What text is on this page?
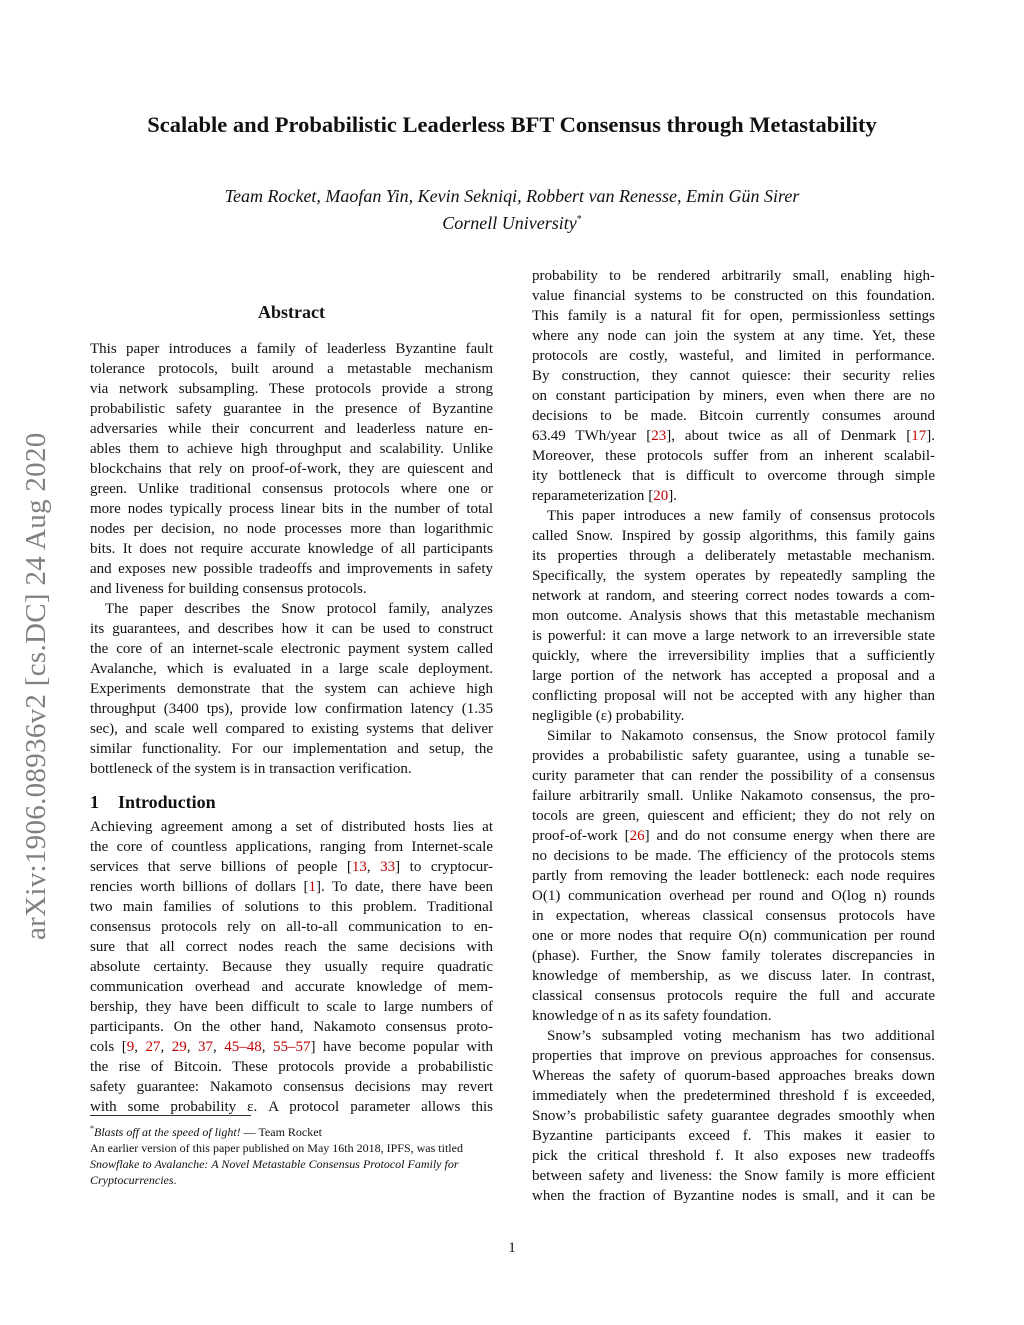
arXiv:1906.08936v2 [cs.DC] 24 Aug 2020
Scalable and Probabilistic Leaderless BFT Consensus through Metastability
Team Rocket, Maofan Yin, Kevin Sekniqi, Robbert van Renesse, Emin Gün Sirer
Cornell University*
Abstract
This paper introduces a family of leaderless Byzantine fault
tolerance protocols, built around a metastable mechanism
via network subsampling. These protocols provide a strong
probabilistic safety guarantee in the presence of Byzantine
adversaries while their concurrent and leaderless nature en-
ables them to achieve high throughput and scalability. Unlike
blockchains that rely on proof-of-work, they are quiescent and
green. Unlike traditional consensus protocols where one or
more nodes typically process linear bits in the number of total
nodes per decision, no node processes more than logarithmic
bits. It does not require accurate knowledge of all participants
and exposes new possible tradeoffs and improvements in safety
and liveness for building consensus protocols.
The paper describes the Snow protocol family, analyzes
its guarantees, and describes how it can be used to construct
the core of an internet-scale electronic payment system called
Avalanche, which is evaluated in a large scale deployment.
Experiments demonstrate that the system can achieve high
throughput (3400 tps), provide low confirmation latency (1.35
sec), and scale well compared to existing systems that deliver
similar functionality. For our implementation and setup, the
bottleneck of the system is in transaction verification.
1 Introduction
Achieving agreement among a set of distributed hosts lies at
the core of countless applications, ranging from Internet-scale
services that serve billions of people [13, 33] to cryptocur-
rencies worth billions of dollars [1]. To date, there have been
two main families of solutions to this problem. Traditional
consensus protocols rely on all-to-all communication to en-
sure that all correct nodes reach the same decisions with
absolute certainty. Because they usually require quadratic
communication overhead and accurate knowledge of mem-
bership, they have been difficult to scale to large numbers of
participants. On the other hand, Nakamoto consensus proto-
cols [9, 27, 29, 37, 45–48, 55–57] have become popular with
the rise of Bitcoin. These protocols provide a probabilistic
safety guarantee: Nakamoto consensus decisions may revert
with some probability ε. A protocol parameter allows this
probability to be rendered arbitrarily small, enabling high-
value financial systems to be constructed on this foundation.
This family is a natural fit for open, permissionless settings
where any node can join the system at any time. Yet, these
protocols are costly, wasteful, and limited in performance.
By construction, they cannot quiesce: their security relies
on constant participation by miners, even when there are no
decisions to be made. Bitcoin currently consumes around
63.49 TWh/year [23], about twice as all of Denmark [17].
Moreover, these protocols suffer from an inherent scalabil-
ity bottleneck that is difficult to overcome through simple
reparameterization [20].
This paper introduces a new family of consensus protocols
called Snow. Inspired by gossip algorithms, this family gains
its properties through a deliberately metastable mechanism.
Specifically, the system operates by repeatedly sampling the
network at random, and steering correct nodes towards a com-
mon outcome. Analysis shows that this metastable mechanism
is powerful: it can move a large network to an irreversible state
quickly, where the irreversibility implies that a sufficiently
large portion of the network has accepted a proposal and a
conflicting proposal will not be accepted with any higher than
negligible (ε) probability.
Similar to Nakamoto consensus, the Snow protocol family
provides a probabilistic safety guarantee, using a tunable se-
curity parameter that can render the possibility of a consensus
failure arbitrarily small. Unlike Nakamoto consensus, the pro-
tocols are green, quiescent and efficient; they do not rely on
proof-of-work [26] and do not consume energy when there are
no decisions to be made. The efficiency of the protocols stems
partly from removing the leader bottleneck: each node requires
O(1) communication overhead per round and O(log n) rounds
in expectation, whereas classical consensus protocols have
one or more nodes that require O(n) communication per round
(phase). Further, the Snow family tolerates discrepancies in
knowledge of membership, as we discuss later. In contrast,
classical consensus protocols require the full and accurate
knowledge of n as its safety foundation.
Snow’s subsampled voting mechanism has two additional
properties that improve on previous approaches for consensus.
Whereas the safety of quorum-based approaches breaks down
immediately when the predetermined threshold f is exceeded,
Snow’s probabilistic safety guarantee degrades smoothly when
Byzantine participants exceed f. This makes it easier to
pick the critical threshold f. It also exposes new tradeoffs
between safety and liveness: the Snow family is more efficient
when the fraction of Byzantine nodes is small, and it can be
*Blasts off at the speed of light! — Team Rocket
An earlier version of this paper published on May 16th 2018, IPFS, was titled
Snowflake to Avalanche: A Novel Metastable Consensus Protocol Family for Cryptocurrencies.
1
